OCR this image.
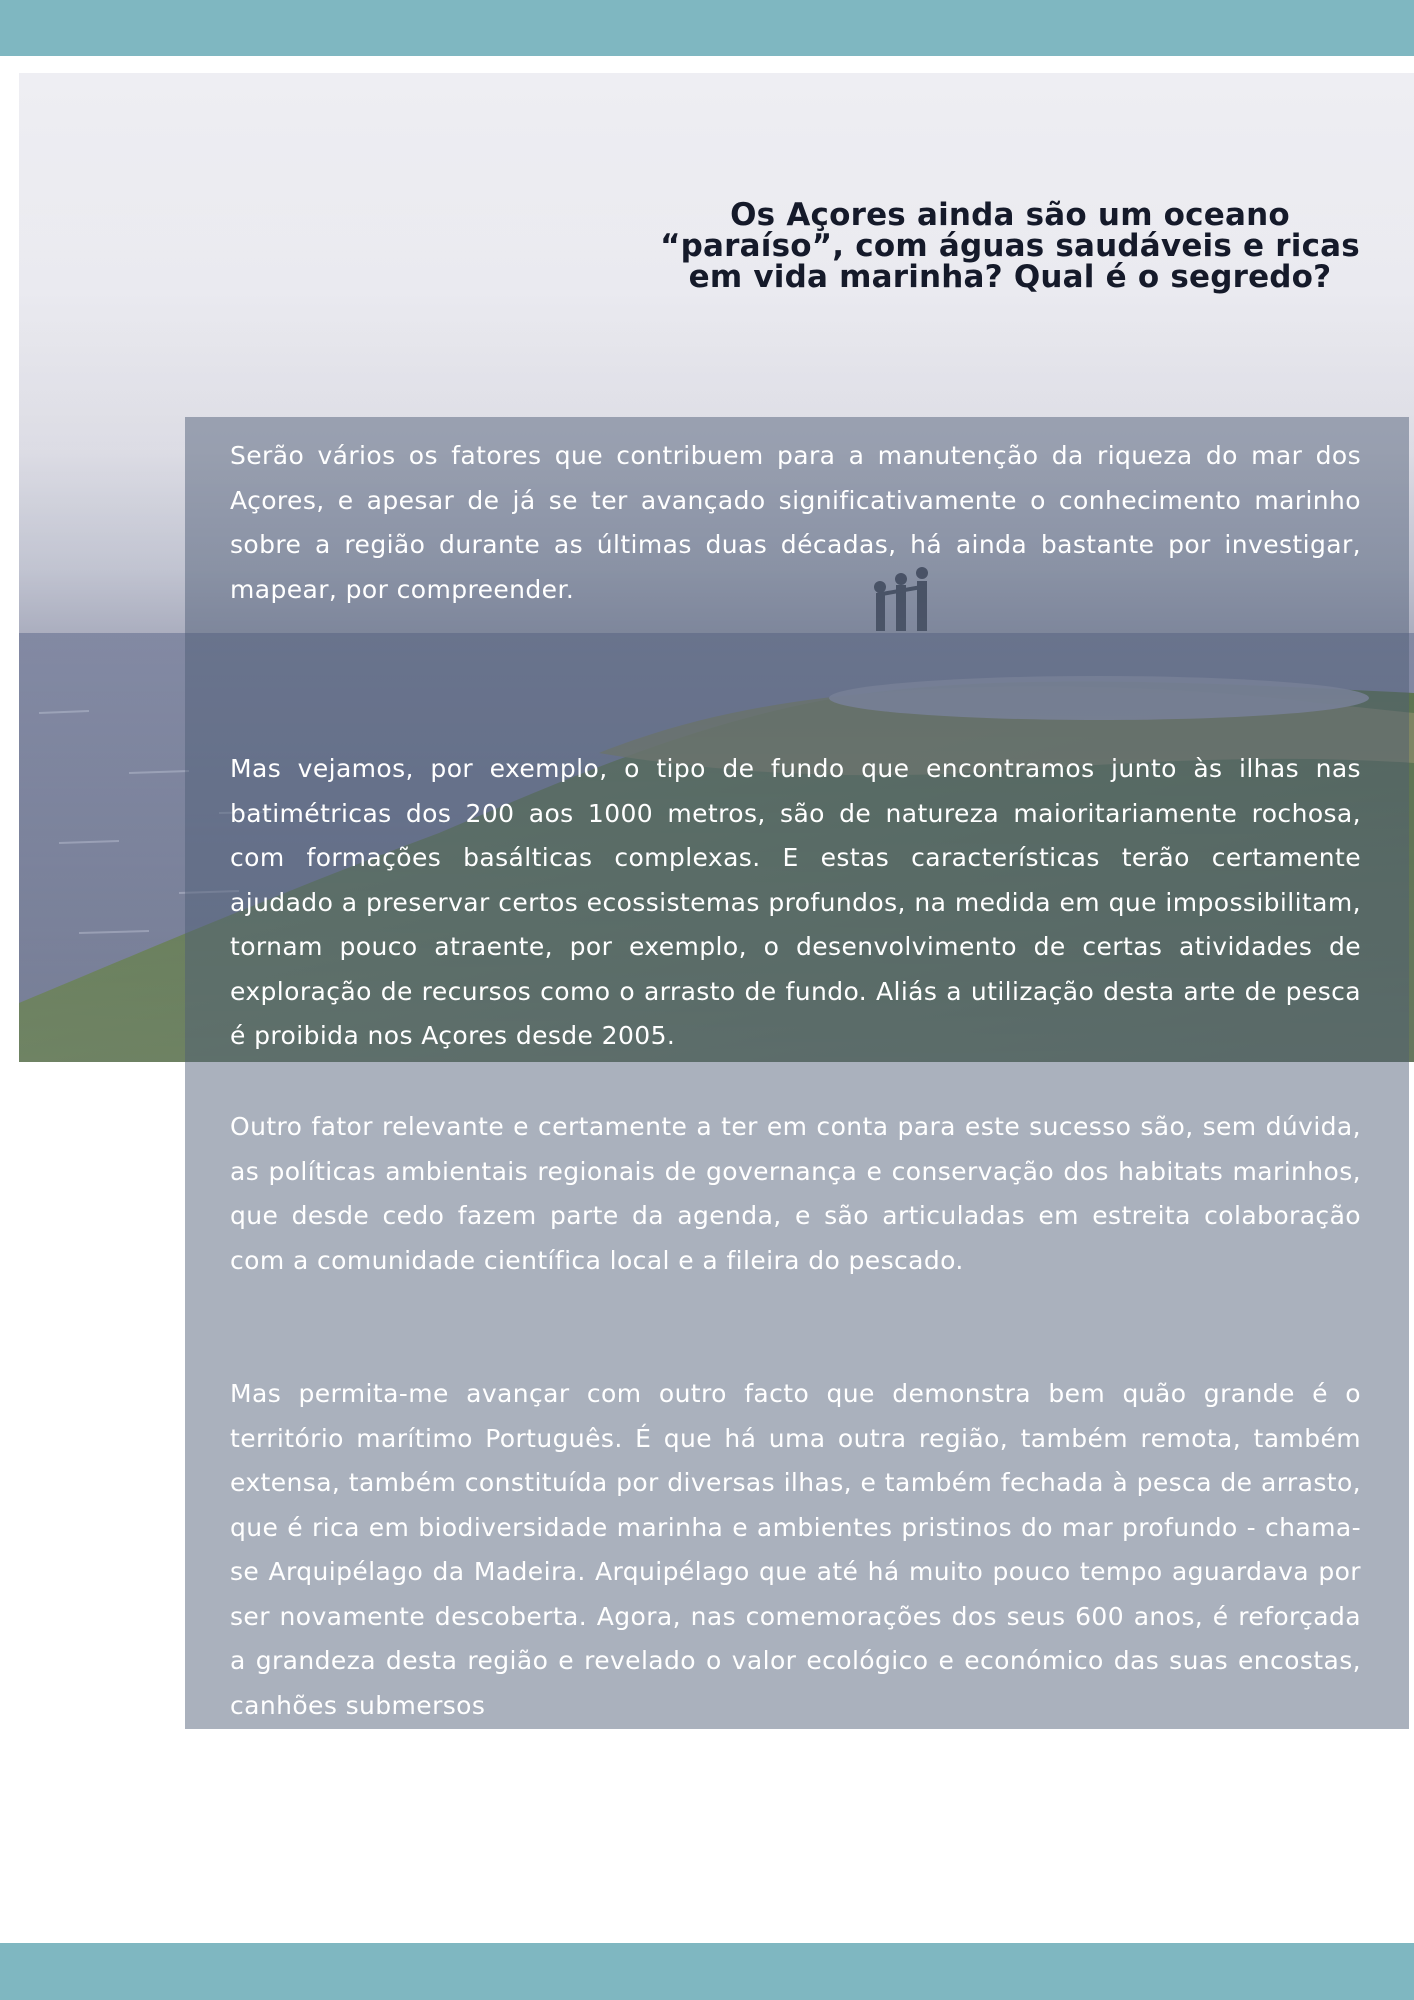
Os Açores ainda são um oceano “paraíso”, com águas saudáveis e ricas em vida marinha? Qual é o segredo?

Serão vários os fatores que contribuem para a manutenção da riqueza do mar dos Açores, e apesar de já se ter avançado significativamente o conhecimento marinho sobre a região durante as últimas duas décadas, há ainda bastante por investigar, mapear, por compreender.

Mas vejamos, por exemplo, o tipo de fundo que encontramos junto às ilhas nas batimétricas dos 200 aos 1000 metros, são de natureza maioritariamente rochosa, com formações basálticas complexas. E estas características terão certamente ajudado a preservar certos ecossistemas profundos, na medida em que impossibilitam, tornam pouco atraente, por exemplo, o desenvolvimento de certas atividades de exploração de recursos como o arrasto de fundo. Aliás a utilização desta arte de pesca é proibida nos Açores desde 2005.

Outro fator relevante e certamente a ter em conta para este sucesso são, sem dúvida, as políticas ambientais regionais de governança e conservação dos habitats marinhos, que desde cedo fazem parte da agenda, e são articuladas em estreita colaboração com a comunidade científica local e a fileira do pescado.

Mas permita-me avançar com outro facto que demonstra bem quão grande é o território marítimo Português. É que há uma outra região, também remota, também extensa, também constituída por diversas ilhas, e também fechada à pesca de arrasto, que é rica em biodiversidade marinha e ambientes pristinos do mar profundo - chama-se Arquipélago da Madeira. Arquipélago que até há muito pouco tempo aguardava por ser novamente descoberta. Agora, nas comemorações dos seus 600 anos, é reforçada a grandeza desta região e revelado o valor ecológico e económico das suas encostas, canhões submersos
